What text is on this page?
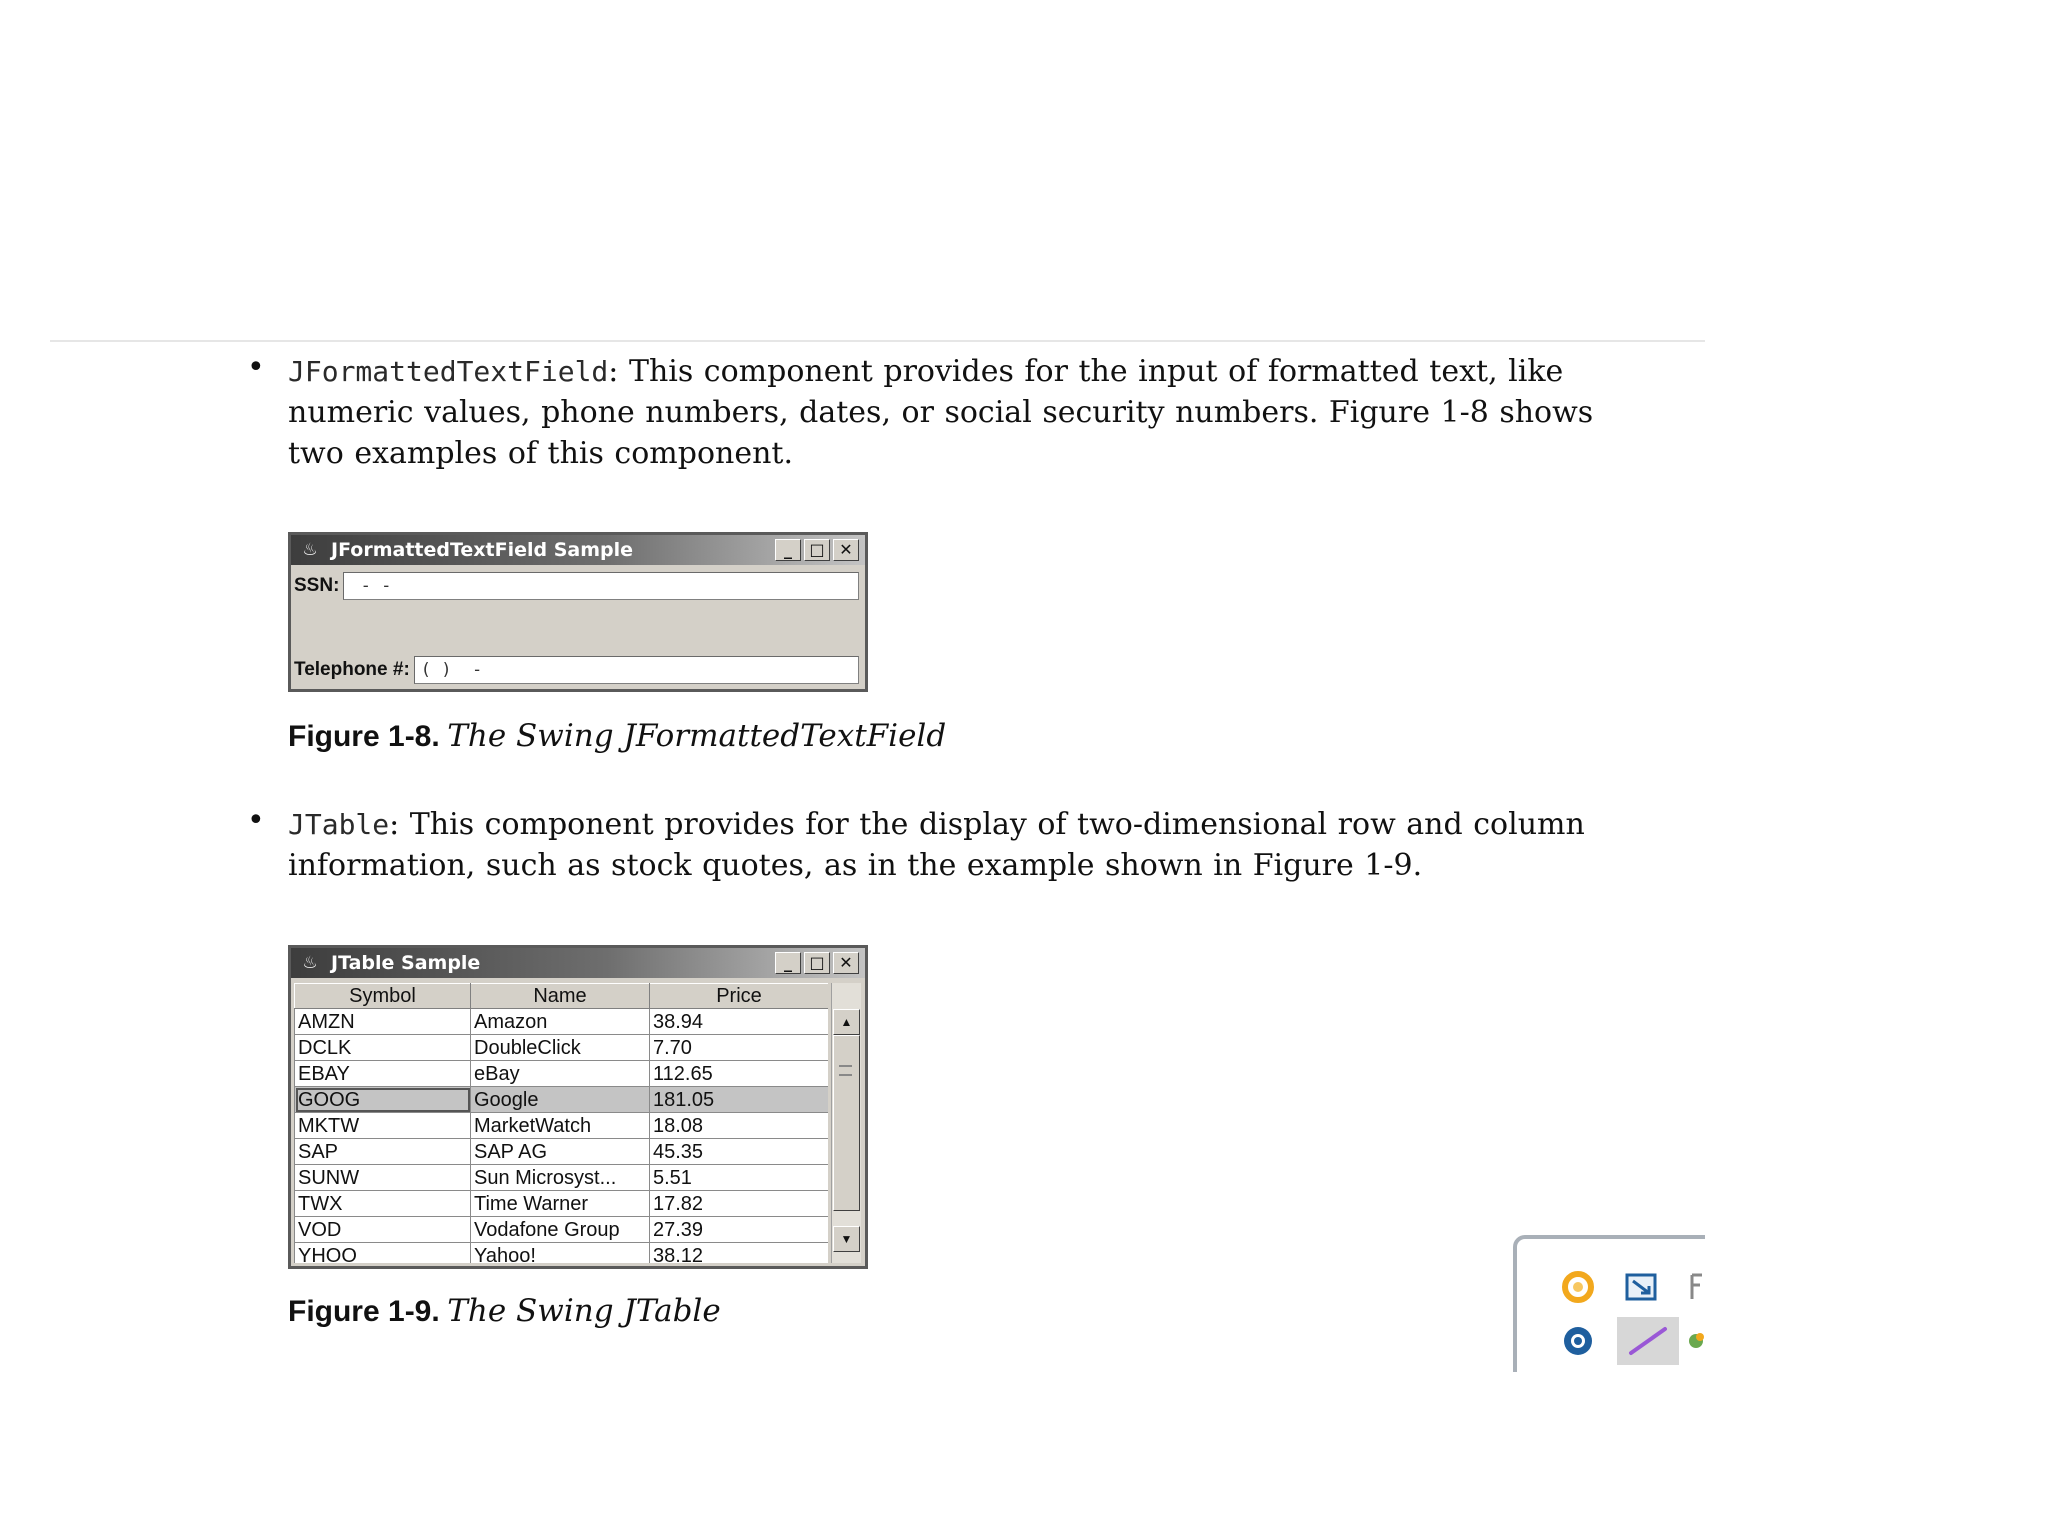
• JFormattedTextField: This component provides for the input of formatted text, like
numeric values, phone numbers, dates, or social security numbers. Figure 1-8 shows
two examples of this component.
♨ JFormattedTextField Sample	_	□ ✕
SSN: - -
Telephone #: ( )  -
Figure 1-8. The Swing JFormattedTextField
• JTable: This component provides for the display of two-dimensional row and column
information, such as stock quotes, as in the example shown in Figure 1-9.
♨ JTable Sample	_	□ ✕
Symbol	Name	Price
AMZN	Amazon	38.94
DCLK	DoubleClick	7.70
EBAY	eBay	112.65
GOOG	Google	181.05
MKTW	MarketWatch	18.08
SAP	SAP AG	45.35
SUNW	Sun Microsyst...	5.51
TWX	Time Warner	17.82
VOD	Vodafone Group	27.39
YHOO	Yahoo!	38.12
▲
▼
Figure 1-9. The Swing JTable
